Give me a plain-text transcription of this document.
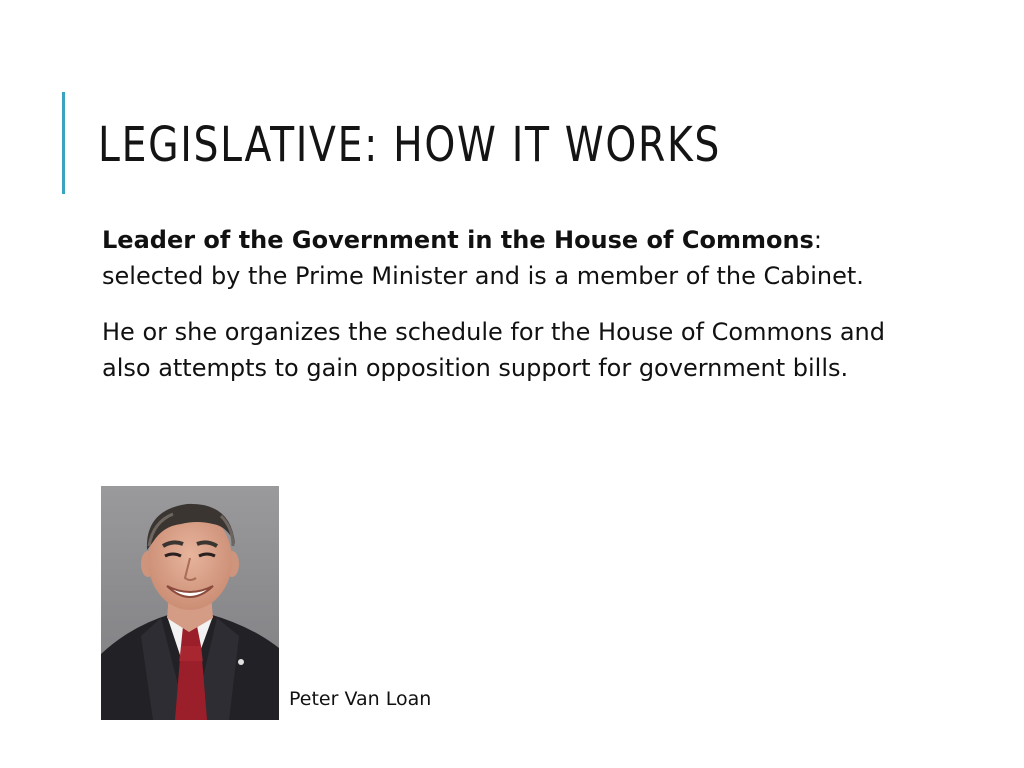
LEGISLATIVE: HOW IT WORKS

Leader of the Government in the House of Commons: selected by the Prime Minister and is a member of the Cabinet.

He or she organizes the schedule for the House of Commons and also attempts to gain opposition support for government bills.

Peter Van Loan
